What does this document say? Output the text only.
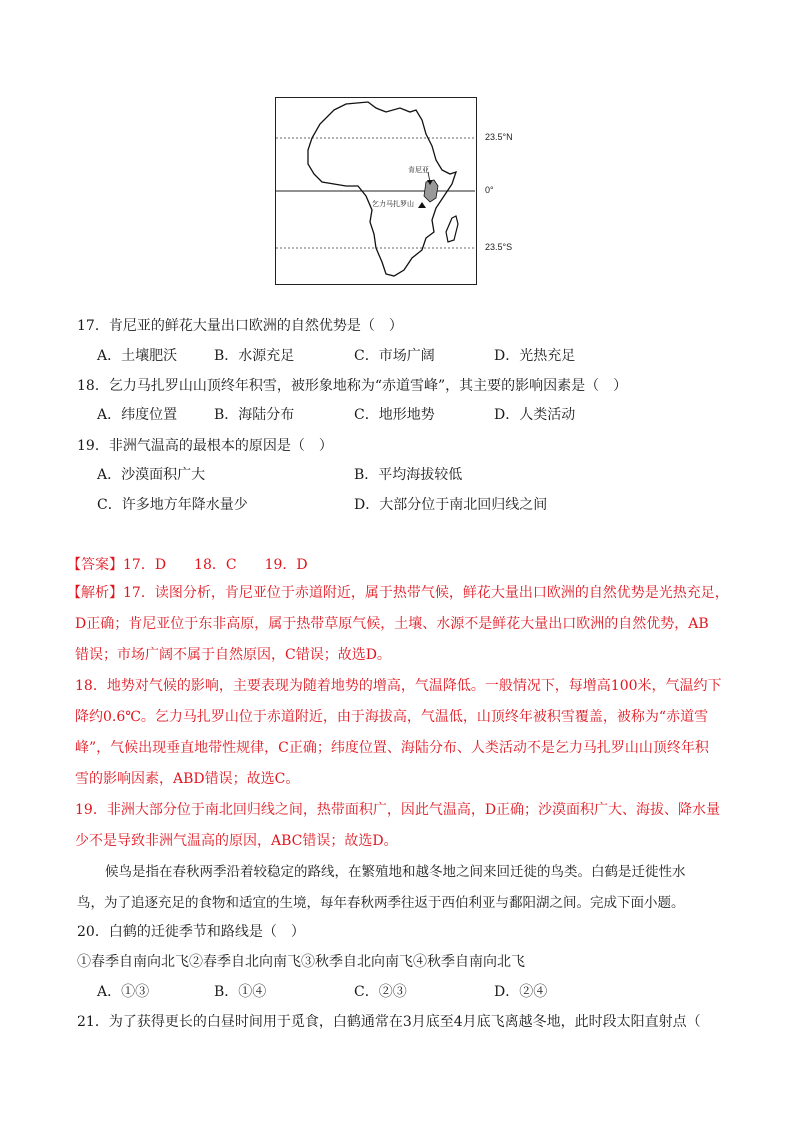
肯尼亚
乞力马扎罗山
23.5°N
0°
23.5°S
17．肯尼亚的鲜花大量出口欧洲的自然优势是（　）
A．土壤肥沃	B．水源充足	C．市场广阔	D．光热充足
18．乞力马扎罗山山顶终年积雪，被形象地称为“赤道雪峰”，其主要的影响因素是（　）
A．纬度位置	B．海陆分布	C．地形地势	D．人类活动
19．非洲气温高的最根本的原因是（　）
A．沙漠面积广大	B．平均海拔较低
C．许多地方年降水量少	D．大部分位于南北回归线之间
【答案】17．D　　18．C　　19．D
【解析】17．读图分析，肯尼亚位于赤道附近，属于热带气候，鲜花大量出口欧洲的自然优势是光热充足，
D正确；肯尼亚位于东非高原，属于热带草原气候，土壤、水源不是鲜花大量出口欧洲的自然优势，AB
错误；市场广阔不属于自然原因，C错误；故选D。
18．地势对气候的影响，主要表现为随着地势的增高，气温降低。一般情况下，每增高100米，气温约下
降约0.6℃。乞力马扎罗山位于赤道附近，由于海拔高，气温低，山顶终年被积雪覆盖，被称为“赤道雪
峰”，气候出现垂直地带性规律，C正确；纬度位置、海陆分布、人类活动不是乞力马扎罗山山顶终年积
雪的影响因素，ABD错误；故选C。
19．非洲大部分位于南北回归线之间，热带面积广，因此气温高，D正确；沙漠面积广大、海拔、降水量
少不是导致非洲气温高的原因，ABC错误；故选D。
候鸟是指在春秋两季沿着较稳定的路线，在繁殖地和越冬地之间来回迁徙的鸟类。白鹤是迁徙性水
鸟，为了追逐充足的食物和适宜的生境，每年春秋两季往返于西伯利亚与鄱阳湖之间。完成下面小题。
20．白鹤的迁徙季节和路线是（　）
①春季自南向北飞②春季自北向南飞③秋季自北向南飞④秋季自南向北飞
A．①③	B．①④	C．②③	D．②④
21．为了获得更长的白昼时间用于觅食，白鹤通常在3月底至4月底飞离越冬地，此时段太阳直射点（
